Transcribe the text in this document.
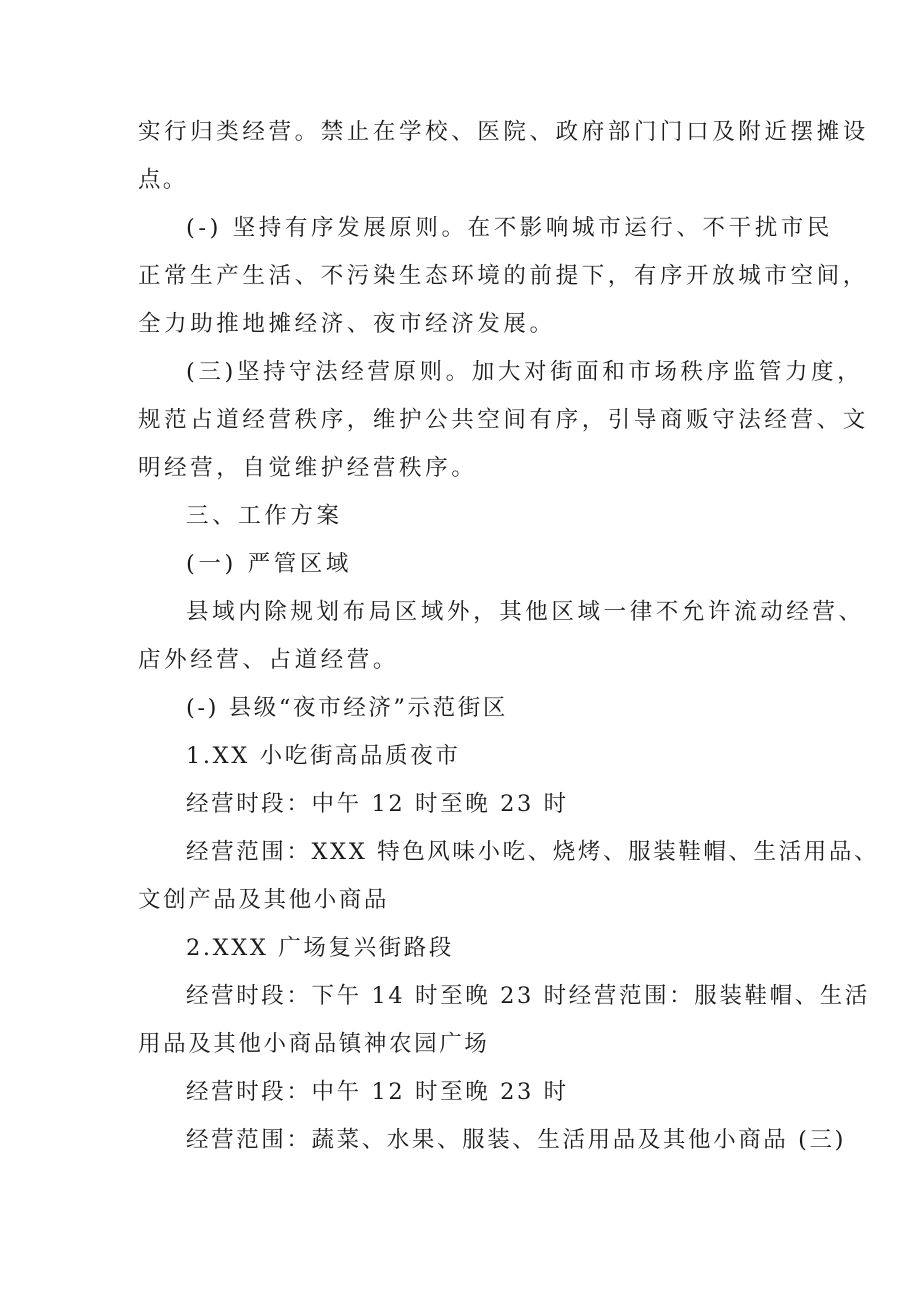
实行归类经营。禁止在学校、医院、政府部门门口及附近摆摊设

点。

(-) 坚持有序发展原则。在不影响城市运行、不干扰市民

正常生产生活、不污染生态环境的前提下，有序开放城市空间，

全力助推地摊经济、夜市经济发展。

(三)坚持守法经营原则。加大对街面和市场秩序监管力度，

规范占道经营秩序，维护公共空间有序，引导商贩守法经营、文

明经营，自觉维护经营秩序。

三、工作方案

(一) 严管区域

县域内除规划布局区域外，其他区域一律不允许流动经营、

店外经营、占道经营。

(-) 县级“夜市经济”示范街区

1.XX 小吃街高品质夜市

经营时段：中午 12 时至晚 23 时

经营范围：XXX 特色风味小吃、烧烤、服装鞋帽、生活用品、

文创产品及其他小商品

2.XXX 广场复兴街路段

经营时段：下午 14 时至晚 23 时经营范围：服装鞋帽、生活

用品及其他小商品镇神农园广场

经营时段：中午 12 时至晚 23 时

经营范围：蔬菜、水果、服装、生活用品及其他小商品 (三)
